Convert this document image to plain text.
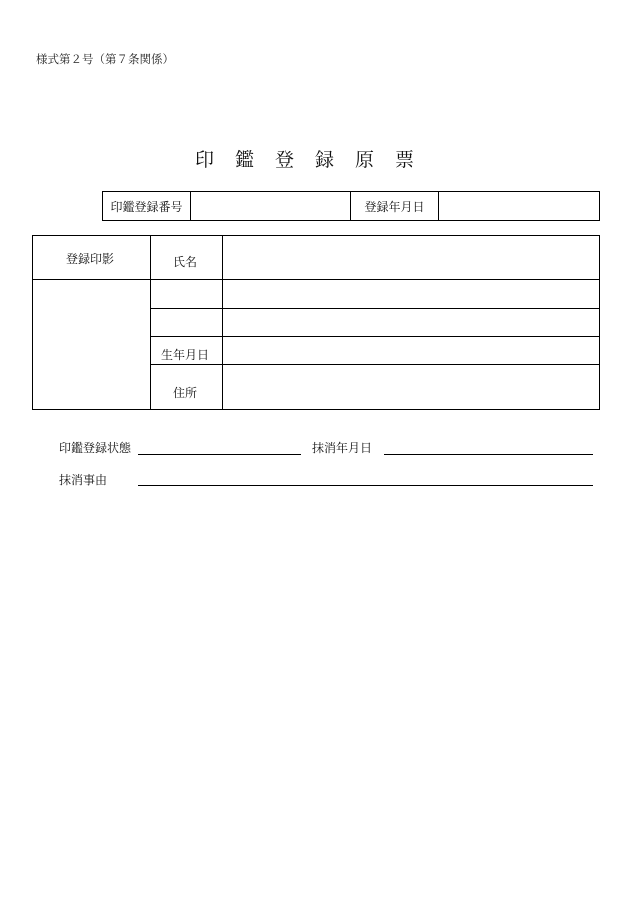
様式第２号（第７条関係）
印鑑登録原票
印鑑登録番号	登録年月日
登録印影	氏名
生年月日
住所
印鑑登録状態	抹消年月日
抹消事由
